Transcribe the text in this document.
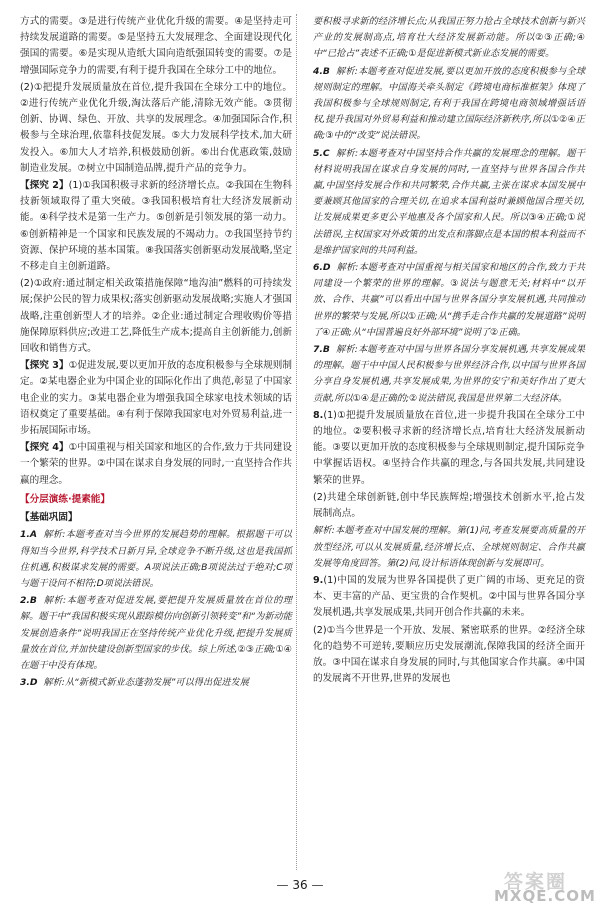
方式的需要。③是进行传统产业优化升级的需要。④是坚持走可持续发展道路的需要。⑤是坚持五大发展理念、全面建设现代化强国的需要。⑥是实现从造纸大国向造纸强国转变的需要。⑦是增强国际竞争力的需要,有利于提升我国在全球分工中的地位。
(2)①把提升发展质量放在首位,提升我国在全球分工中的地位。②进行传统产业优化升级,淘汰落后产能,清除无效产能。③贯彻创新、协调、绿色、开放、共享的发展理念。④加强国际合作,积极参与全球治理,依靠科技促发展。⑤大力发展科学技术,加大研发投入。⑥加大人才培养,积极鼓励创新。⑥出台优惠政策,鼓励制造业发展。⑦树立中国制造品牌,提升产品的竞争力。
【探究 2】(1)①我国积极寻求新的经济增长点。②我国在生物科技新领域取得了重大突破。③我国积极培育壮大经济发展新动能。④科学技术是第一生产力。⑤创新是引领发展的第一动力。⑥创新精神是一个国家和民族发展的不竭动力。⑦我国坚持节约资源、保护环境的基本国策。⑧我国落实创新驱动发展战略,坚定不移走自主创新道路。
(2)①政府:通过制定相关政策措施保障“地沟油”燃料的可持续发展;保护公民的智力成果权;落实创新驱动发展战略;实施人才强国战略,注重创新型人才的培养。②企业:通过制定合理收购价等措施保障原料供应;改进工艺,降低生产成本;提高自主创新能力,创新回收和销售方式。
【探究 3】①促进发展,要以更加开放的态度积极参与全球规则制定。②某电器企业为中国企业的国际化作出了典范,彰显了中国家电企业的实力。③某电器企业为增强我国全球家电技术领域的话语权奠定了重要基础。④有利于保障我国家电对外贸易利益,进一步拓展国际市场。
【探究 4】①中国重视与相关国家和地区的合作,致力于共同建设一个繁荣的世界。②中国在谋求自身发展的同时,一直坚持合作共赢的理念。
【分层演练·提素能】
【基础巩固】
1.A 解析:本题考查对当今世界的发展趋势的理解。根据题干可以得知当今世界,科学技术日新月异,全球竞争不断升级,这也是我国抓住机遇,积极谋求发展的需要。A项说法正确;B项说法过于绝对;C项与题干设问不相符;D项说法错误。
2.B 解析:本题考查对促进发展,要把提升发展质量放在首位的理解。题干中“我国积极实现从跟踪模仿向创新引领转变”和“为新动能发展创造条件”说明我国正在坚持传统产业优化升级,把提升发展质量放在首位,并加快建设创新型国家的步伐。综上所述,②③正确;①④在题干中没有体现。
3.D 解析:从“新模式新业态蓬勃发展”可以得出促进发展
要积极寻求新的经济增长点;从我国正努力抢占全球技术创新与新兴产业的发展制高点,培育壮大经济发展新动能。所以②③正确;④中“已抢占”表述不正确;①是促进新模式新业态发展的需要。
4.B 解析:本题考查对促进发展,要以更加开放的态度积极参与全球规则制定的理解。中国海关牵头制定《跨境电商标准框架》体现了我国积极参与全球规则制定,有利于我国在跨境电商领域增强话语权,提升我国对外贸易利益和推动建立国际经济新秩序,所以①②④正确;③中的“改变”说法错误。
5.C 解析:本题考查对中国坚持合作共赢的发展理念的理解。题干材料说明我国在谋求自身发展的同时,一直坚持与世界各国合作共赢,中国坚持发展合作和共同繁荣,合作共赢,主张在谋求本国发展中要兼顾其他国家的合理关切,在追求本国利益时兼顾他国合理关切,让发展成果更多更公平地惠及各个国家和人民。所以③④正确;①说法错误,主权国家对外政策的出发点和落脚点是本国的根本利益而不是维护国家间的共同利益。
6.D 解析:本题考查对中国重视与相关国家和地区的合作,致力于共同建设一个繁荣的世界的理解。③说法与题意无关;材料中“以开放、合作、共赢”可以看出中国与世界各国分享发展机遇,共同推动世界的繁荣与发展,所以①正确;从“携手走合作共赢的发展道路”说明了④正确;从“中国普遍良好外部环境”说明了②正确。
7.B 解析:本题考查对中国与世界各国分享发展机遇,共享发展成果的理解。题干中中国人民积极参与世界经济合作,以中国与世界各国分享自身发展机遇,共享发展成果,为世界的安宁和美好作出了更大贡献,所以①④是正确的;②说法错误,我国是世界第二大经济体。
8.(1)①把提升发展质量放在首位,进一步提升我国在全球分工中的地位。②要积极寻求新的经济增长点,培育壮大经济发展新动能。③要以更加开放的态度积极参与全球规则制定,提升国际竞争中掌握话语权。④坚持合作共赢的理念,与各国共发展,共同建设繁荣的世界。
(2)共建全球创新链,创中华民族辉煌;增强技术创新水平,抢占发展制高点。
解析:本题考查对中国发展的理解。第(1)问,考查发展要高质量的开放型经济,可以从发展质量,经济增长点、全球规则制定、合作共赢发展等角度回答。第(2)问,设计标语体现创新与发展即可。
9.(1)中国的发展为世界各国提供了更广阔的市场、更充足的资本、更丰富的产品、更宝贵的合作契机。②中国与世界各国分享发展机遇,共享发展成果,共同开创合作共赢的未来。
(2)①当今世界是一个开放、发展、紧密联系的世界。②经济全球化的趋势不可逆转,要顺应历史发展潮流,保障我国的经济全面开放。③中国在谋求自身发展的同时,与其他国家合作共赢。④中国的发展离不开世界,世界的发展也
— 36 —	答案圈
MXQE.COM
